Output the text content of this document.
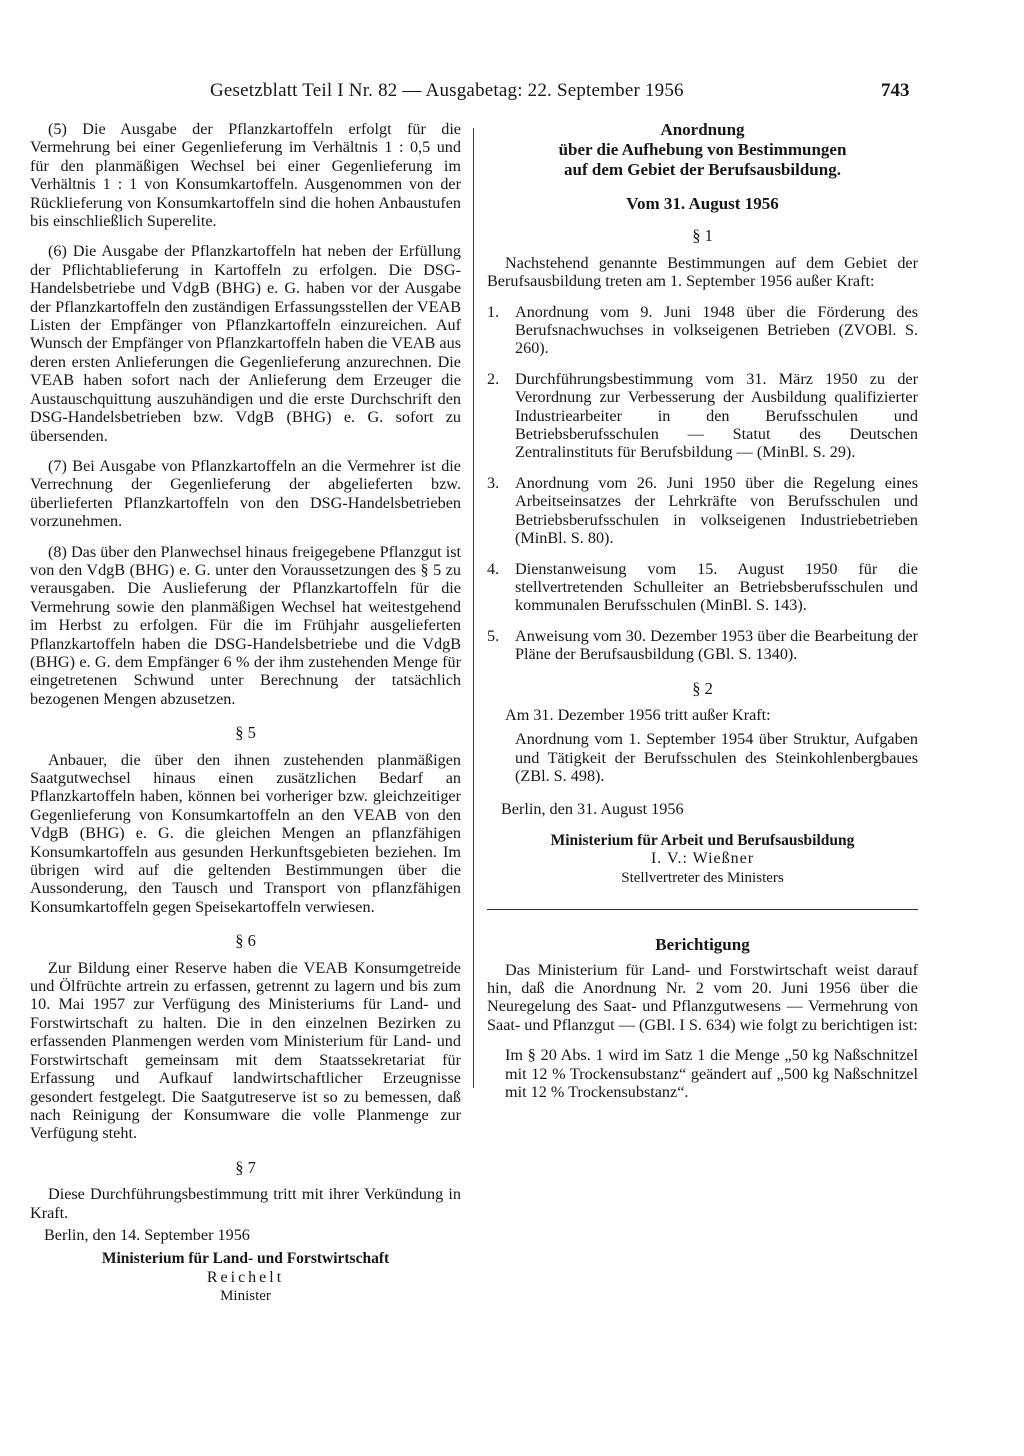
Gesetzblatt Teil I Nr. 82 — Ausgabetag: 22. September 1956	743

(5) Die Ausgabe der Pflanzkartoffeln erfolgt für die Vermehrung bei einer Gegenlieferung im Verhältnis 1 : 0,5 und für den planmäßigen Wechsel bei einer Gegenlieferung im Verhältnis 1 : 1 von Konsumkartoffeln. Ausgenommen von der Rücklieferung von Konsumkartoffeln sind die hohen Anbaustufen bis einschließlich Superelite.

(6) Die Ausgabe der Pflanzkartoffeln hat neben der Erfüllung der Pflichtablieferung in Kartoffeln zu erfolgen. Die DSG-Handelsbetriebe und VdgB (BHG) e. G. haben vor der Ausgabe der Pflanzkartoffeln den zuständigen Erfassungsstellen der VEAB Listen der Empfänger von Pflanzkartoffeln einzureichen. Auf Wunsch der Empfänger von Pflanzkartoffeln haben die VEAB aus deren ersten Anlieferungen die Gegenlieferung anzurechnen. Die VEAB haben sofort nach der Anlieferung dem Erzeuger die Austauschquittung auszuhändigen und die erste Durchschrift den DSG-Handelsbetrieben bzw. VdgB (BHG) e. G. sofort zu übersenden.

(7) Bei Ausgabe von Pflanzkartoffeln an die Vermehrer ist die Verrechnung der Gegenlieferung der abgelieferten bzw. überlieferten Pflanzkartoffeln von den DSG-Handelsbetrieben vorzunehmen.

(8) Das über den Planwechsel hinaus freigegebene Pflanzgut ist von den VdgB (BHG) e. G. unter den Voraussetzungen des § 5 zu verausgaben. Die Auslieferung der Pflanzkartoffeln für die Vermehrung sowie den planmäßigen Wechsel hat weitestgehend im Herbst zu erfolgen. Für die im Frühjahr ausgelieferten Pflanzkartoffeln haben die DSG-Handelsbetriebe und die VdgB (BHG) e. G. dem Empfänger 6 % der ihm zustehenden Menge für eingetretenen Schwund unter Berechnung der tatsächlich bezogenen Mengen abzusetzen.

§ 5

Anbauer, die über den ihnen zustehenden planmäßigen Saatgutwechsel hinaus einen zusätzlichen Bedarf an Pflanzkartoffeln haben, können bei vorheriger bzw. gleichzeitiger Gegenlieferung von Konsumkartoffeln an den VEAB von den VdgB (BHG) e. G. die gleichen Mengen an pflanzfähigen Konsumkartoffeln aus gesunden Herkunftsgebieten beziehen. Im übrigen wird auf die geltenden Bestimmungen über die Aussonderung, den Tausch und Transport von pflanzfähigen Konsumkartoffeln gegen Speisekartoffeln verwiesen.

§ 6

Zur Bildung einer Reserve haben die VEAB Konsumgetreide und Ölfrüchte artrein zu erfassen, getrennt zu lagern und bis zum 10. Mai 1957 zur Verfügung des Ministeriums für Land- und Forstwirtschaft zu halten. Die in den einzelnen Bezirken zu erfassenden Planmengen werden vom Ministerium für Land- und Forstwirtschaft gemeinsam mit dem Staatssekretariat für Erfassung und Aufkauf landwirtschaftlicher Erzeugnisse gesondert festgelegt. Die Saatgutreserve ist so zu bemessen, daß nach Reinigung der Konsumware die volle Planmenge zur Verfügung steht.

§ 7

Diese Durchführungsbestimmung tritt mit ihrer Verkündung in Kraft.

Berlin, den 14. September 1956

Ministerium für Land- und Forstwirtschaft
Reichelt
Minister
Anordnung
über die Aufhebung von Bestimmungen
auf dem Gebiet der Berufsausbildung.
Vom 31. August 1956
§ 1

Nachstehend genannte Bestimmungen auf dem Gebiet der Berufsausbildung treten am 1. September 1956 außer Kraft:

1. Anordnung vom 9. Juni 1948 über die Förderung des Berufsnachwuchses in volkseigenen Betrieben (ZVOBl. S. 260).
2. Durchführungsbestimmung vom 31. März 1950 zu der Verordnung zur Verbesserung der Ausbildung qualifizierter Industriearbeiter in den Berufsschulen und Betriebsberufsschulen — Statut des Deutschen Zentralinstituts für Berufsbildung — (MinBl. S. 29).
3. Anordnung vom 26. Juni 1950 über die Regelung eines Arbeitseinsatzes der Lehrkräfte von Berufsschulen und Betriebsberufsschulen in volkseigenen Industriebetrieben (MinBl. S. 80).
4. Dienstanweisung vom 15. August 1950 für die stellvertretenden Schulleiter an Betriebsberufsschulen und kommunalen Berufsschulen (MinBl. S. 143).
5. Anweisung vom 30. Dezember 1953 über die Bearbeitung der Pläne der Berufsausbildung (GBl. S. 1340).
§ 2

Am 31. Dezember 1956 tritt außer Kraft:

Anordnung vom 1. September 1954 über Struktur, Aufgaben und Tätigkeit der Berufsschulen des Steinkohlenbergbaues (ZBl. S. 498).

Berlin, den 31. August 1956

Ministerium für Arbeit und Berufsausbildung
I. V.: Wießner
Stellvertreter des Ministers
Berichtigung

Das Ministerium für Land- und Forstwirtschaft weist darauf hin, daß die Anordnung Nr. 2 vom 20. Juni 1956 über die Neuregelung des Saat- und Pflanzgutwesens — Vermehrung von Saat- und Pflanzgut — (GBl. I S. 634) wie folgt zu berichtigen ist:

Im § 20 Abs. 1 wird im Satz 1 die Menge „50 kg Naßschnitzel mit 12 % Trockensubstanz“ geändert auf „500 kg Naßschnitzel mit 12 % Trockensubstanz“.
